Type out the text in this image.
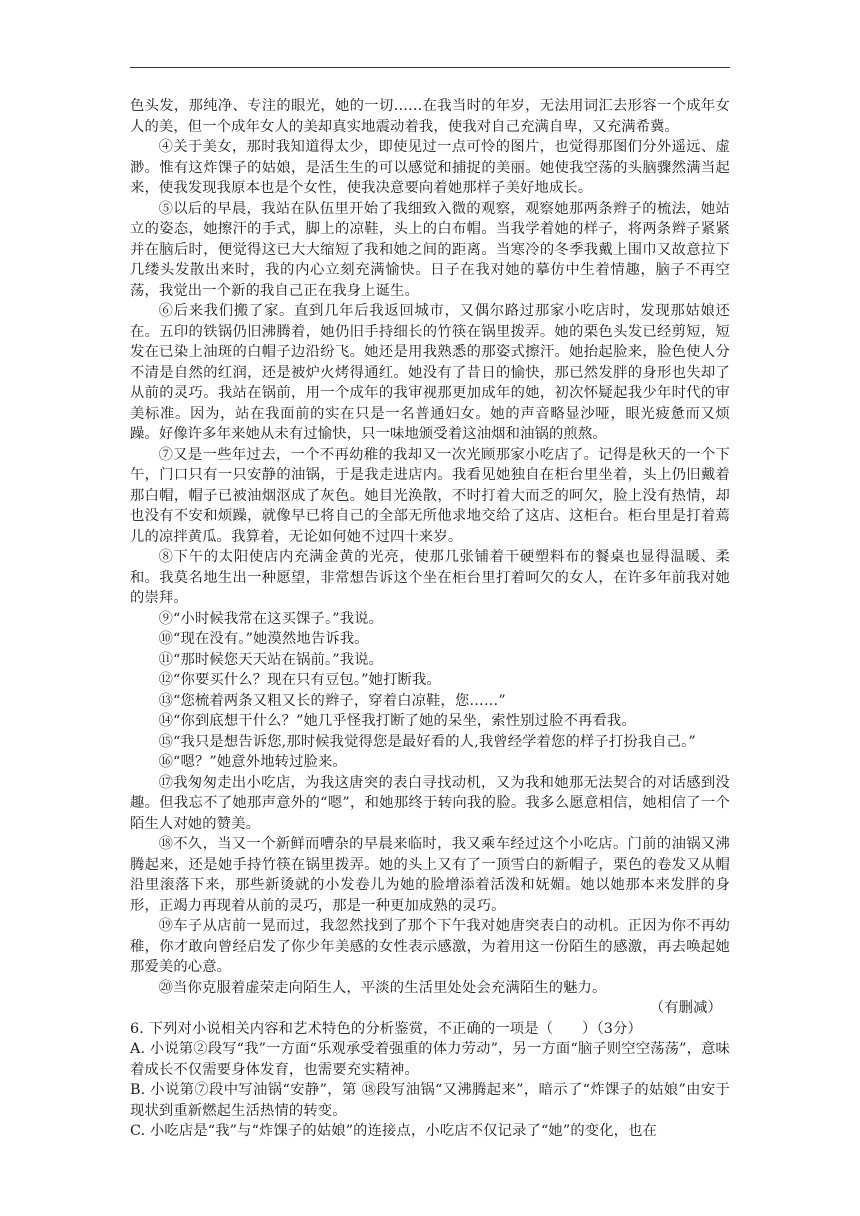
色头发，那纯净、专注的眼光，她的一切……在我当时的年岁，无法用词汇去形容一个成年女人的美，但一个成年女人的美却真实地震动着我，使我对自己充满自卑，又充满希冀。

④关于美女，那时我知道得太少，即使见过一点可怜的图片，也觉得那图们分外遥远、虚渺。惟有这炸馃子的姑娘，是活生生的可以感觉和捕捉的美丽。她使我空荡的头脑骤然满当起来，使我发现我原本也是个女性，使我决意要向着她那样子美好地成长。

⑤以后的早晨，我站在队伍里开始了我细致入微的观察，观察她那两条辫子的梳法，她站立的姿态，她擦汗的手式，脚上的凉鞋，头上的白布帽。当我学着她的样子，将两条辫子紧紧并在脑后时，便觉得这已大大缩短了我和她之间的距离。当寒冷的冬季我戴上围巾又故意拉下几缕头发散出来时，我的内心立刻充满愉快。日子在我对她的摹仿中生着情趣，脑子不再空荡，我觉出一个新的我自己正在我身上诞生。

⑥后来我们搬了家。直到几年后我返回城市，又偶尔路过那家小吃店时，发现那姑娘还在。五印的铁锅仍旧沸腾着，她仍旧手持细长的竹筷在锅里拨弄。她的栗色头发已经剪短，短发在已染上油斑的白帽子边沿纷飞。她还是用我熟悉的那姿式擦汗。她抬起脸来，脸色使人分不清是自然的红润，还是被炉火烤得通红。她没有了昔日的愉快，那已然发胖的身形也失却了从前的灵巧。我站在锅前，用一个成年的我审视那更加成年的她，初次怀疑起我少年时代的审美标准。因为，站在我面前的实在只是一名普通妇女。她的声音略显沙哑，眼光疲惫而又烦躁。好像许多年来她从未有过愉快，只一味地颁受着这油烟和油锅的煎熬。

⑦又是一些年过去，一个不再幼稚的我却又一次光顾那家小吃店了。记得是秋天的一个下午，门口只有一只安静的油锅，于是我走进店内。我看见她独自在柜台里坐着，头上仍旧戴着那白帽，帽子已被油烟沤成了灰色。她目光涣散，不时打着大而乏的呵欠，脸上没有热情，却也没有不安和烦躁，就像早已将自己的全部无所他求地交给了这店、这柜台。柜台里是打着蔫儿的凉拌黄瓜。我算着，无论如何她不过四十来岁。

⑧下午的太阳使店内充满金黄的光亮，使那几张铺着干硬塑料布的餐桌也显得温暖、柔和。我莫名地生出一种愿望，非常想告诉这个坐在柜台里打着呵欠的女人，在许多年前我对她的崇拜。

⑨“小时候我常在这买馃子。”我说。

⑩“现在没有。”她漠然地告诉我。

⑪“那时候您天天站在锅前。”我说。

⑫“你要买什么？现在只有豆包。”她打断我。

⑬“您梳着两条又粗又长的辫子，穿着白凉鞋，您……”

⑭“你到底想干什么？”她几乎怪我打断了她的呆坐，索性别过脸不再看我。

⑮“我只是想告诉您,那时候我觉得您是最好看的人,我曾经学着您的样子打扮我自己。”

⑯“嗯？”她意外地转过脸来。

⑰我匆匆走出小吃店，为我这唐突的表白寻找动机，又为我和她那无法契合的对话感到没趣。但我忘不了她那声意外的“嗯”，和她那终于转向我的脸。我多么愿意相信，她相信了一个陌生人对她的赞美。

⑱不久，当又一个新鲜而嘈杂的早晨来临时，我又乘车经过这个小吃店。门前的油锅又沸腾起来，还是她手持竹筷在锅里拨弄。她的头上又有了一顶雪白的新帽子，栗色的卷发又从帽沿里滚落下来，那些新烫就的小发卷儿为她的脸增添着活泼和妩媚。她以她那本来发胖的身形，正竭力再现着从前的灵巧，那是一种更加成熟的灵巧。

⑲车子从店前一晃而过，我忽然找到了那个下午我对她唐突表白的动机。正因为你不再幼稚，你才敢向曾经启发了你少年美感的女性表示感激，为着用这一份陌生的感激，再去唤起她那爱美的心意。

⑳当你克服着虚荣走向陌生人，平淡的生活里处处会充满陌生的魅力。

（有删减）

6. 下列对小说相关内容和艺术特色的分析鉴赏，不正确的一项是（　　）（3分）

A. 小说第②段写“我”一方面“乐观承受着强重的体力劳动”，另一方面“脑子则空空荡荡”，意味着成长不仅需要身体发育，也需要充实精神。

B. 小说第⑦段中写油锅“安静”，第 ⑱段写油锅“又沸腾起来”，暗示了“炸馃子的姑娘”由安于现状到重新燃起生活热情的转变。

C. 小吃店是“我”与“炸馃子的姑娘”的连接点，小吃店不仅记录了“她”的变化，也在
